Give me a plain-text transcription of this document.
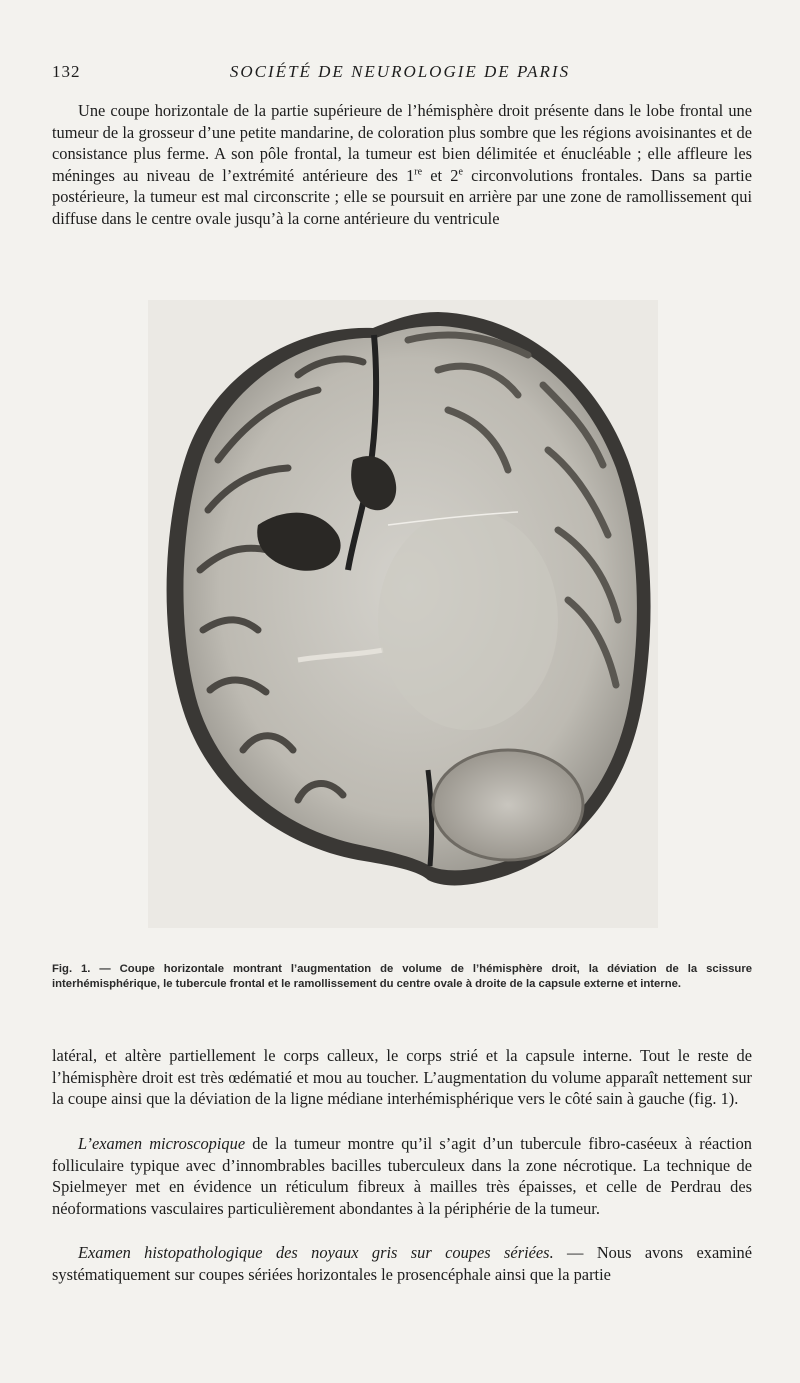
132	SOCIÉTÉ DE NEUROLOGIE DE PARIS

Une coupe horizontale de la partie supérieure de l’hémisphère droit présente dans le lobe frontal une tumeur de la grosseur d’une petite mandarine, de coloration plus sombre que les régions avoisinantes et de consistance plus ferme. A son pôle frontal, la tumeur est bien délimitée et énucléable ; elle affleure les méninges au niveau de l’extrémité antérieure des 1re et 2e circonvolutions frontales. Dans sa partie postérieure, la tumeur est mal circonscrite ; elle se poursuit en arrière par une zone de ramollissement qui diffuse dans le centre ovale jusqu’à la corne antérieure du ventricule

Fig. 1. — Coupe horizontale montrant l’augmentation de volume de l’hémisphère droit, la déviation de la scissure interhémisphérique, le tubercule frontal et le ramollissement du centre ovale à droite de la capsule externe et interne.

latéral, et altère partiellement le corps calleux, le corps strié et la capsule interne. Tout le reste de l’hémisphère droit est très œdématié et mou au toucher. L’augmentation du volume apparaît nettement sur la coupe ainsi que la déviation de la ligne médiane interhémisphérique vers le côté sain à gauche (fig. 1).

L’examen microscopique de la tumeur montre qu’il s’agit d’un tubercule fibro-caséeux à réaction folliculaire typique avec d’innombrables bacilles tuberculeux dans la zone nécrotique. La technique de Spielmeyer met en évidence un réticulum fibreux à mailles très épaisses, et celle de Perdrau des néoformations vasculaires particulièrement abondantes à la périphérie de la tumeur.

Examen histopathologique des noyaux gris sur coupes sériées. — Nous avons examiné systématiquement sur coupes sériées horizontales le prosencéphale ainsi que la partie
